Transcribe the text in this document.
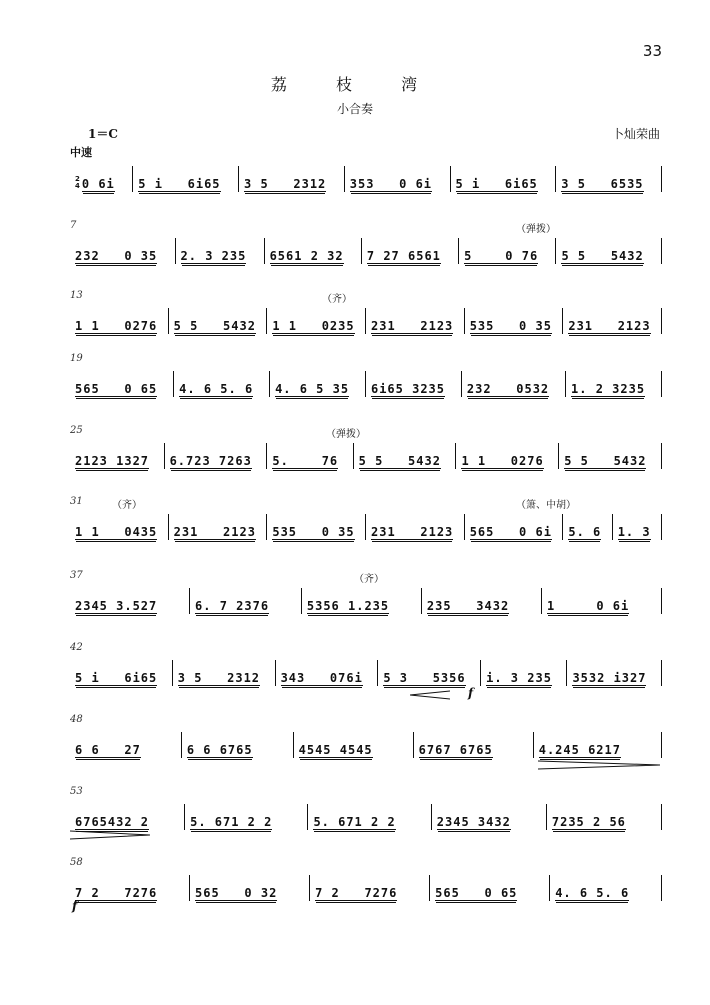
33
荔 枝 湾
小合奏
1＝C	卜灿荣曲
中速
2
4 0 6i 5 i   6i65 3 5   2312 353   0 6i 5 i   6i65 3 5   6535
7	（弹拨）
232   0 35 2. 3 235 6561 2 32 7 27 6561 5    0 76 5 5   5432
13	（齐）
1 1   0276 5 5   5432 1 1   0235 231   2123 535   0 35 231   2123
19
565   0 65 4. 6 5. 6 4. 6 5 35 6i65 3235 232   0532 1. 2 3235
25	（弹拨）
2123 1327 6.723 7263 5.    76 5 5   5432 1 1   0276 5 5   5432
31	（齐）	（箫、中胡）
1 1   0435 231   2123 535   0 35 231   2123 565   0 6i 5. 6 1. 3
37	（齐）
2345 3.527	6. 7 2376	5356 1.235	235   3432	1     0 6i
42
5 i   6i65 3 5   2312 343   076i 5 3   5356 i. 3 235 3532 i327
f
48
6 6   27	6 6 6765	4545 4545	6767 6765	4.245 6217
53
6765432 2	5. 671 2 2	5. 671 2 2	2345 3432	7235 2 56
58
7 2   7276	565   0 32	7 2   7276	565   0 65	4. 6 5. 6
f
